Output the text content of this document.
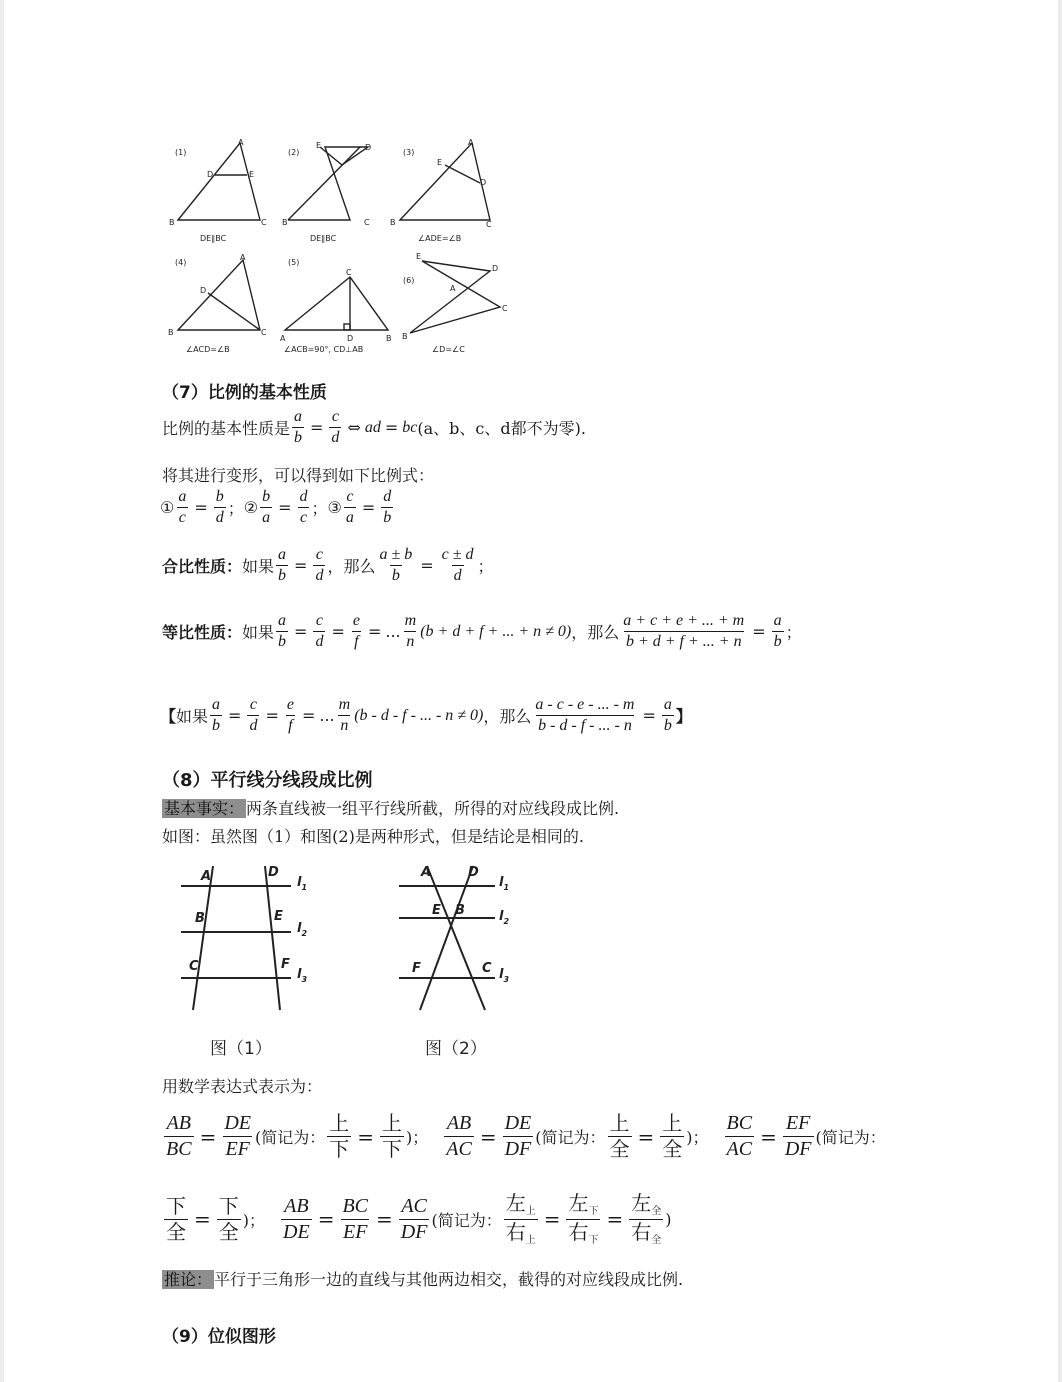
(1)
A
D	E
B	C
DE∥BC
(2)
E	D
B	C
DE∥BC
(3)
A
E
D
B	C
∠ADE=∠B
(4)
A
D
B	C
∠ACD=∠B
(5)
C
A	D	B
∠ACB=90°, CD⊥AB
(6)
E
D
A
C
B
∠D=∠C
（7）比例的基本性质
比例的基本性质是 $\frac{a}{b} = \frac{c}{d}$ ⇔ ad = bc (a、b、c、d都不为零).
将其进行变形，可以得到如下比例式：
① $\frac{a}{c} = \frac{b}{d}$ ； ② $\frac{b}{a} = \frac{d}{c}$ ； ③ $\frac{c}{a} = \frac{d}{b}$
合比性质： 如果 $\frac{a}{b} = \frac{c}{d}$ ，那么 $\frac{a \pm b}{b} = \frac{c \pm d}{d}$ ；
等比性质： 如果 $\frac{a}{b} = \frac{c}{d} = \frac{e}{f}$ = ... $\frac{m}{n} (b + d + f$ + ... + n ≠ 0) ，那么 $\frac{a + c + e + ... + m}{b + d + f + ... + n} = \frac{a}{b}$ ；
【 如果 $\frac{a}{b} = \frac{c}{d} = \frac{e}{f}$ = ... $\frac{m}{n} (b$ - d - f - ... - n ≠ 0) ，那么 $\frac{a - c - e - ... - m}{b - d - f - ... - n} = \frac{a}{b}$ 】
（8）平行线分线段成比例
基本事实： 两条直线被一组平行线所截，所得的对应线段成比例.
如图：虽然图（1）和图(2)是两种形式，但是结论是相同的.
A	D
$l_1$
B	E
$l_2$
C	F
$l_3$
A	D
$l_1$
E B	$l_2$
F	C $l_3$
图（1）	图（2）
用数学表达式表示为：
$\frac{AB}{BC} = \frac{DE}{EF}$ (简记为： $\frac{\text{上}}{\text{下}} = \frac{\text{上}}{\text{下}}$ )； $\frac{AB}{AC} = \frac{DE}{DF}$ (简记为： $\frac{\text{上}}{\text{全}} = \frac{\text{上}}{\text{全}}$ )； $\frac{BC}{AC} = \frac{EF}{DF}$ (简记为：
$\frac{\text{下}}{\text{全}} = \frac{\text{下}}{\text{全}}$ )； $\frac{AB}{DE} = \frac{BC}{EF} = \frac{AC}{DF}$ (简记为： $\frac{左_上}{右_上} = \frac{左_下}{右_下} = \frac{左_全}{右_全}$ )
推论： 平行于三角形一边的直线与其他两边相交，截得的对应线段成比例.
（9）位似图形
